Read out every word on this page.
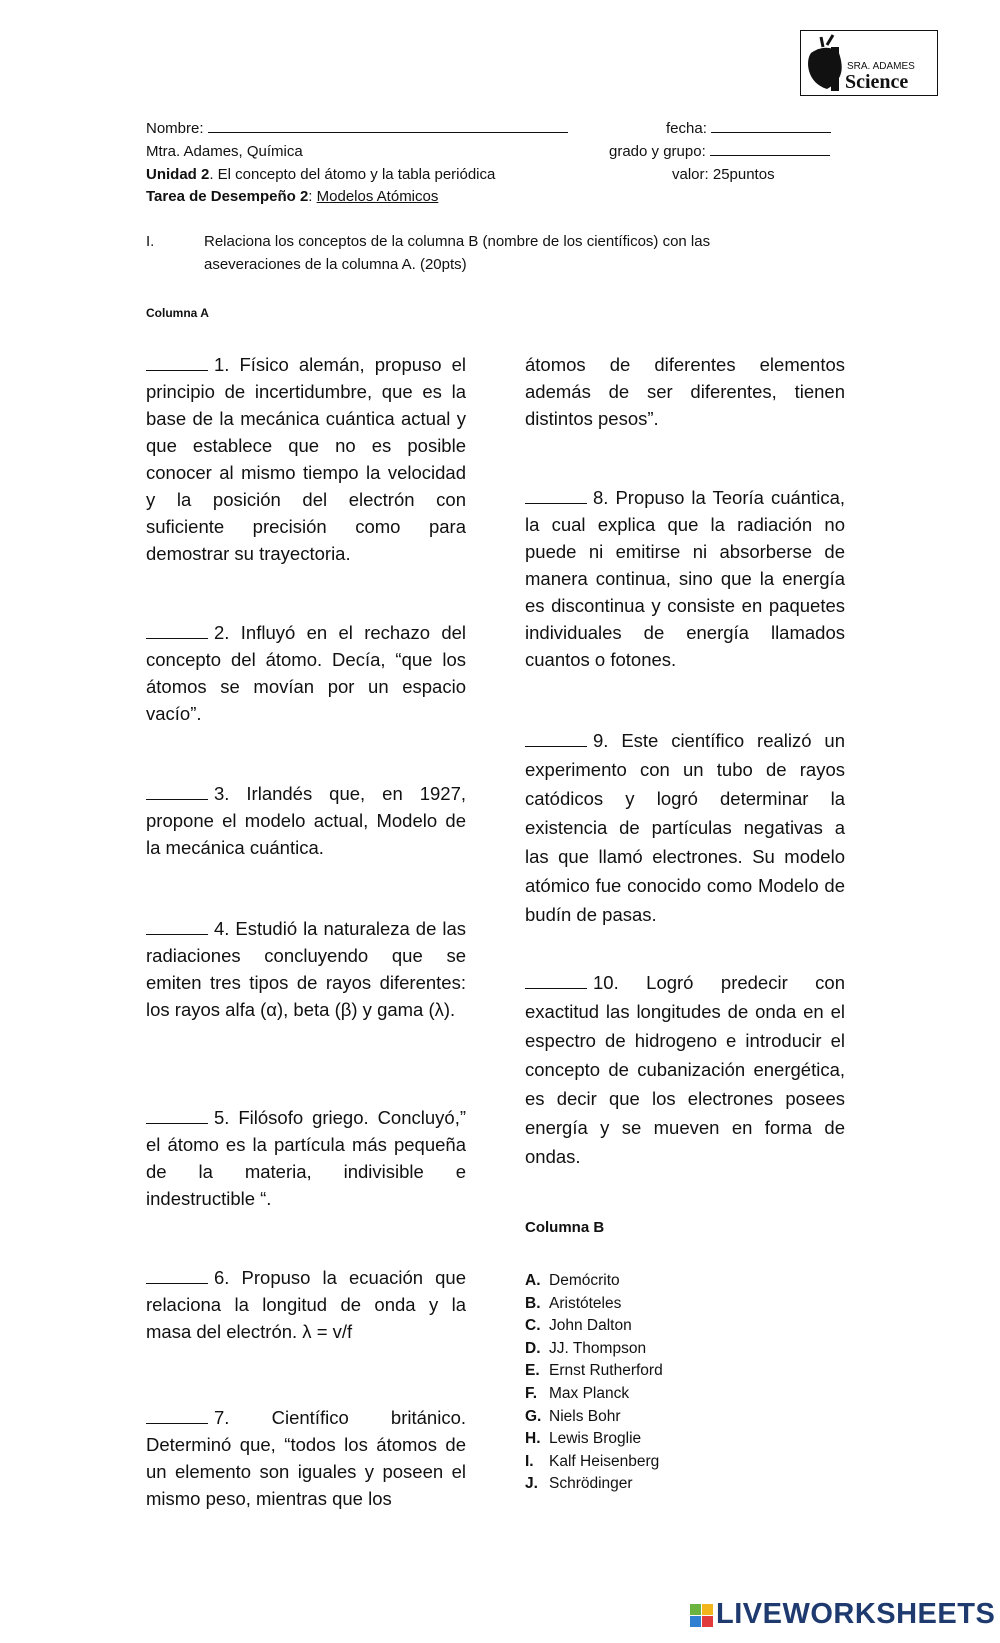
SRA. ADAMES
Science
Nombre:	fecha:
Mtra. Adames, Química	grado y grupo:
Unidad 2. El concepto del átomo y la tabla periódica	valor: 25puntos
Tarea de Desempeño 2: Modelos Atómicos
I.	Relaciona los conceptos de la columna B (nombre de los científicos) con las
aseveraciones de la columna A. (20pts)
Columna A
1. Físico alemán, propuso el principio de incertidumbre, que es la base de la mecánica cuántica actual y que establece que no es posible conocer al mismo tiempo la velocidad y la posición del electrón con suficiente precisión como para demostrar su trayectoria.
2. Influyó en el rechazo del concepto del átomo. Decía, “que los átomos se movían por un espacio vacío”.
3. Irlandés que, en 1927, propone el modelo actual, Modelo de la mecánica cuántica.
4. Estudió la naturaleza de las radiaciones concluyendo que se emiten tres tipos de rayos diferentes: los rayos alfa (α), beta (β) y gama (λ).
5. Filósofo griego. Concluyó,” el átomo es la partícula más pequeña de la materia, indivisible e indestructible “.
6. Propuso la ecuación que relaciona la longitud de onda y la masa del electrón. λ = v/f
7. Científico británico. Determinó que, “todos los átomos de un elemento son iguales y poseen el mismo peso, mientras que los
átomos de diferentes elementos además de ser diferentes, tienen distintos pesos”.
8. Propuso la Teoría cuántica, la cual explica que la radiación no puede ni emitirse ni absorberse de manera continua, sino que la energía es discontinua y consiste en paquetes individuales de energía llamados cuantos o fotones.
9. Este científico realizó un experimento con un tubo de rayos catódicos y logró determinar la existencia de partículas negativas a las que llamó electrones. Su modelo atómico fue conocido como Modelo de budín de pasas.
10. Logró predecir con exactitud las longitudes de onda en el espectro de hidrogeno e introducir el concepto de cubanización energética, es decir que los electrones posees energía y se mueven en forma de ondas.
Columna B
A. Demócrito
B. Aristóteles
C. John Dalton
D. JJ. Thompson
E. Ernst Rutherford
F. Max Planck
G. Niels Bohr
H. Lewis Broglie
I. Kalf Heisenberg
J. Schrödinger
LIVEWORKSHEETS
